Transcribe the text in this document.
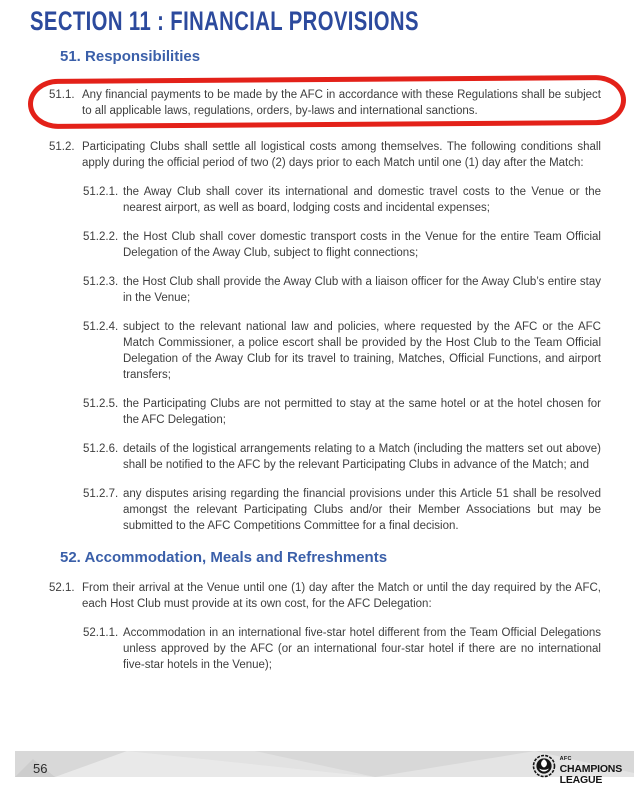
SECTION 11 : FINANCIAL PROVISIONS
51. Responsibilities
51.1. Any financial payments to be made by the AFC in accordance with these Regulations shall be subject to all applicable laws, regulations, orders, by-laws and international sanctions.

51.2. Participating Clubs shall settle all logistical costs among themselves. The following conditions shall apply during the official period of two (2) days prior to each Match until one (1) day after the Match:

51.2.1. the Away Club shall cover its international and domestic travel costs to the Venue or the nearest airport, as well as board, lodging costs and incidental expenses;

51.2.2. the Host Club shall cover domestic transport costs in the Venue for the entire Team Official Delegation of the Away Club, subject to flight connections;

51.2.3. the Host Club shall provide the Away Club with a liaison officer for the Away Club’s entire stay in the Venue;

51.2.4. subject to the relevant national law and policies, where requested by the AFC or the AFC Match Commissioner, a police escort shall be provided by the Host Club to the Team Official Delegation of the Away Club for its travel to training, Matches, Official Functions, and airport transfers;

51.2.5. the Participating Clubs are not permitted to stay at the same hotel or at the hotel chosen for the AFC Delegation;

51.2.6. details of the logistical arrangements relating to a Match (including the matters set out above) shall be notified to the AFC by the relevant Participating Clubs in advance of the Match; and

51.2.7. any disputes arising regarding the financial provisions under this Article 51 shall be resolved amongst the relevant Participating Clubs and/or their Member Associations but may be submitted to the AFC Competitions Committee for a final decision.

52. Accommodation, Meals and Refreshments
52.1. From their arrival at the Venue until one (1) day after the Match or until the day required by the AFC, each Host Club must provide at its own cost, for the AFC Delegation:

52.1.1. Accommodation in an international five-star hotel different from the Team Official Delegations unless approved by the AFC (or an international four-star hotel if there are no international five-star hotels in the Venue);

56
AFC
CHAMPIONS
LEAGUE
